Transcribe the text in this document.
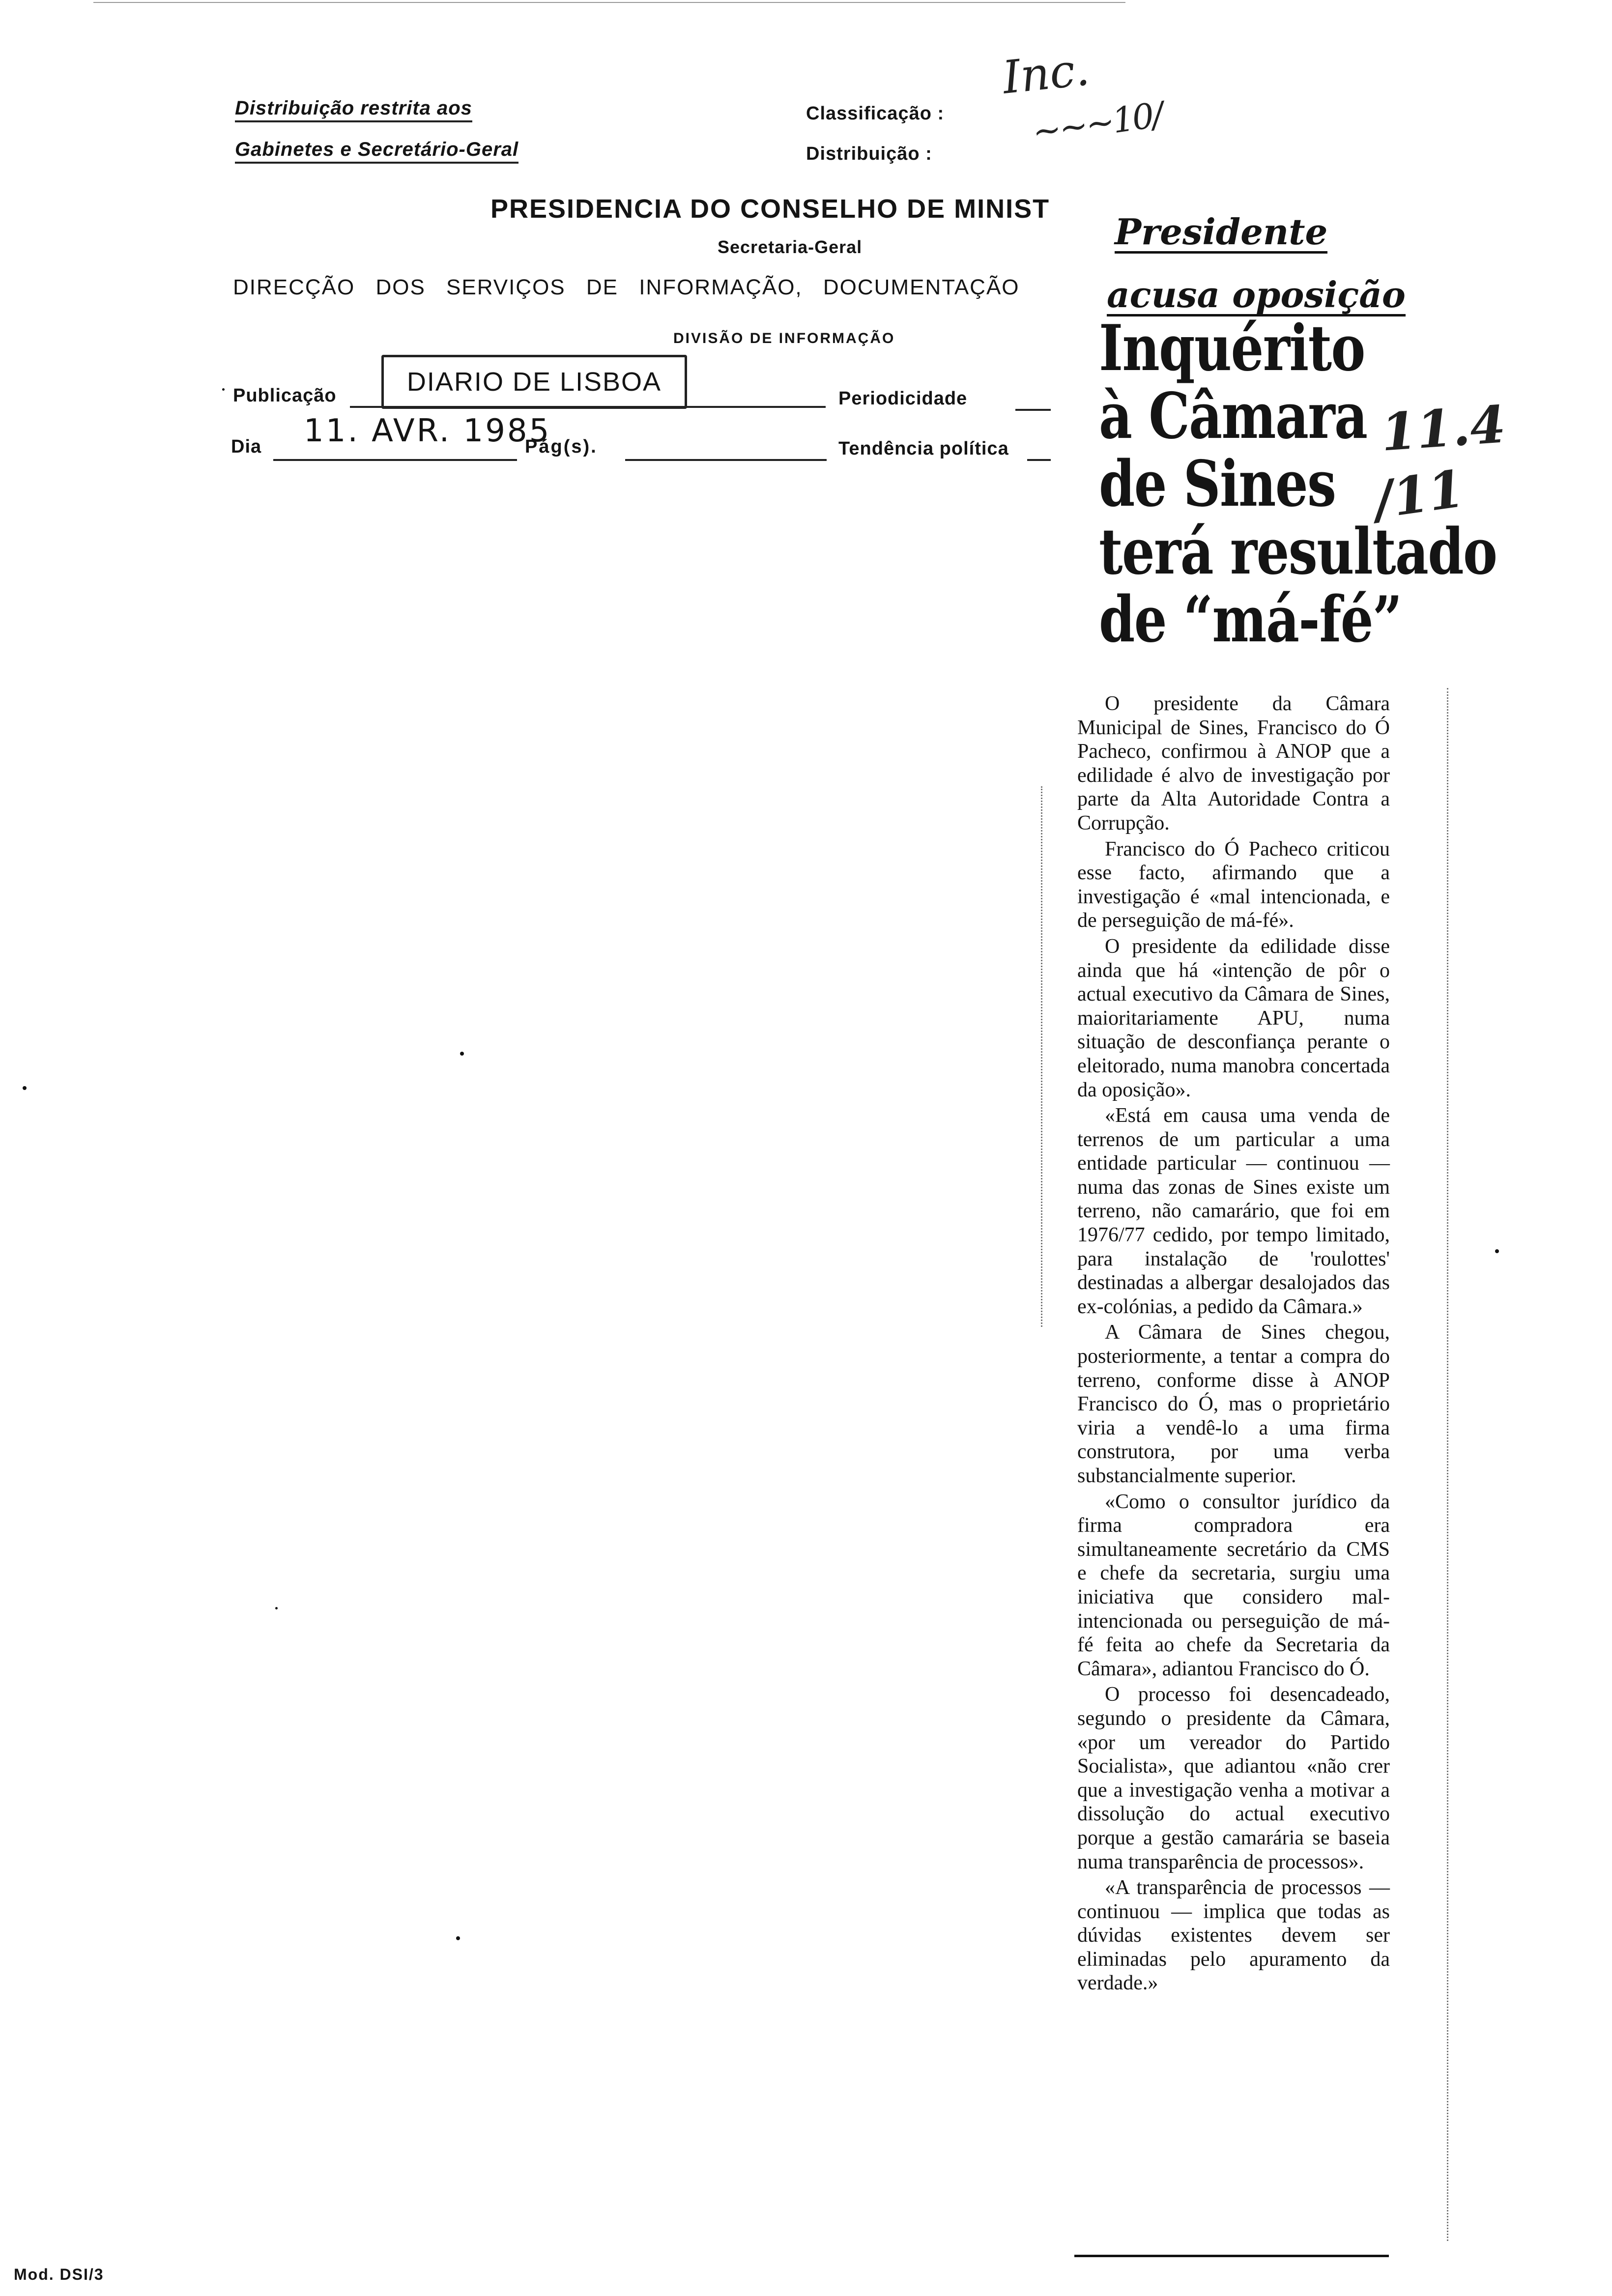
Distribuição restrita aos
Gabinetes e Secretário-Geral
Classificação :
Distribuição :
PRESIDENCIA DO CONSELHO DE MINIST
Secretaria-Geral
DIRECÇÃO DOS SERVIÇOS DE INFORMAÇÃO, DOCUMENTAÇÃO
DIVISÃO DE INFORMAÇÃO
Publicação	DIARIO DE LISBOA
Periodicidade
Dia 11. AVR. 1985
Pág(s).	Tendência política
Inc.
~~~10/
11.4
/11
Presidente
acusa oposição
Inquérito
à Câmara
de Sines
terá resultado
de “má-fé”

O presidente da Câmara Municipal de Sines, Francisco do Ó Pacheco, confirmou à ANOP que a edilidade é alvo de investigação por parte da Alta Autoridade Contra a Corrupção.

Francisco do Ó Pacheco criticou esse facto, afirmando que a investigação é «mal intencionada, e de perseguição de má-fé».

O presidente da edilidade disse ainda que há «intenção de pôr o actual executivo da Câmara de Sines, maioritariamente APU, numa situação de desconfiança perante o eleitorado, numa manobra concertada da oposição».

«Está em causa uma venda de terrenos de um particular a uma entidade particular — continuou — numa das zonas de Sines existe um terreno, não camarário, que foi em 1976/77 cedido, por tempo limitado, para instalação de 'roulottes' destinadas a albergar desalojados das ex-colónias, a pedido da Câmara.»

A Câmara de Sines chegou, posteriormente, a tentar a compra do terreno, conforme disse à ANOP Francisco do Ó, mas o proprietário viria a vendê-lo a uma firma construtora, por uma verba substancialmente superior.

«Como o consultor jurídico da firma compradora era simultaneamente secretário da CMS e chefe da secretaria, surgiu uma iniciativa que considero mal-intencionada ou perseguição de má-fé feita ao chefe da Secretaria da Câmara», adiantou Francisco do Ó.

O processo foi desencadeado, segundo o presidente da Câmara, «por um vereador do Partido Socialista», que adiantou «não crer que a investigação venha a motivar a dissolução do actual executivo porque a gestão camarária se baseia numa transparência de processos».

«A transparência de processos — continuou — implica que todas as dúvidas existentes devem ser eliminadas pelo apuramento da verdade.»

Mod. DSI/3
